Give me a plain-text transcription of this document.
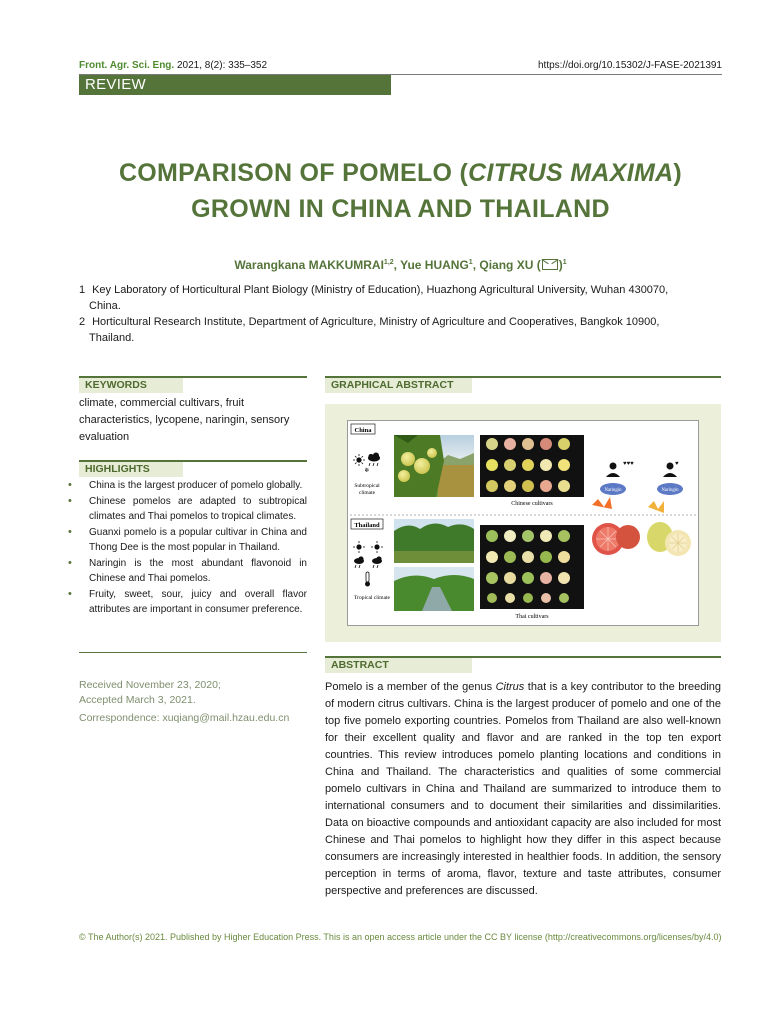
Front. Agr. Sci. Eng. 2021, 8(2): 335–352	https://doi.org/10.15302/J-FASE-2021391
REVIEW
COMPARISON OF POMELO (CITRUS MAXIMA)
GROWN IN CHINA AND THAILAND
Warangkana MAKKUMRAI$^{1,2}$, Yue HUANG$^1$, Qiang XU ( )$^1$
1 Key Laboratory of Horticultural Plant Biology (Ministry of Education), Huazhong Agricultural University, Wuhan 430070,
China.
2 Horticultural Research Institute, Department of Agriculture, Ministry of Agriculture and Cooperatives, Bangkok 10900,
Thailand.
KEYWORDS
climate, commercial cultivars, fruit characteristics, lycopene, naringin, sensory evaluation
HIGHLIGHTS
• China is the largest producer of pomelo globally.
• Chinese pomelos are adapted to subtropical climates and Thai pomelos to tropical climates.
• Guanxi pomelo is a popular cultivar in China and Thong Dee is the most popular in Thailand.
• Naringin is the most abundant flavonoid in Chinese and Thai pomelos.
• Fruity, sweet, sour, juicy and overall flavor attributes are important in consumer preference.
Received November 23, 2020;
Accepted March 3, 2021.
Correspondence: xuqiang@mail.hzau.edu.cn
GRAPHICAL ABSTRACT
China
❄
Subtropical
climate
Chinese cultivars
♥♥♥	♥
Naringin	Naringin
Thailand
Tropical climate
Thai cultivars
ABSTRACT
Pomelo is a member of the genus Citrus that is a key contributor to the breeding of modern citrus cultivars. China is the largest producer of pomelo and one of the top five pomelo exporting countries. Pomelos from Thailand are also well-known for their excellent quality and flavor and are ranked in the top ten export countries. This review introduces pomelo planting locations and conditions in China and Thailand. The characteristics and qualities of some commercial pomelo cultivars in China and Thailand are summarized to introduce them to international consumers and to document their similarities and dissimilarities. Data on bioactive compounds and antioxidant capacity are also included for most Chinese and Thai pomelos to highlight how they differ in this aspect because consumers are increasingly interested in healthier foods. In addition, the sensory perception in terms of aroma, flavor, texture and taste attributes, consumer perspective and preferences are discussed.
© The Author(s) 2021. Published by Higher Education Press. This is an open access article under the CC BY license (http://creativecommons.org/licenses/by/4.0)
